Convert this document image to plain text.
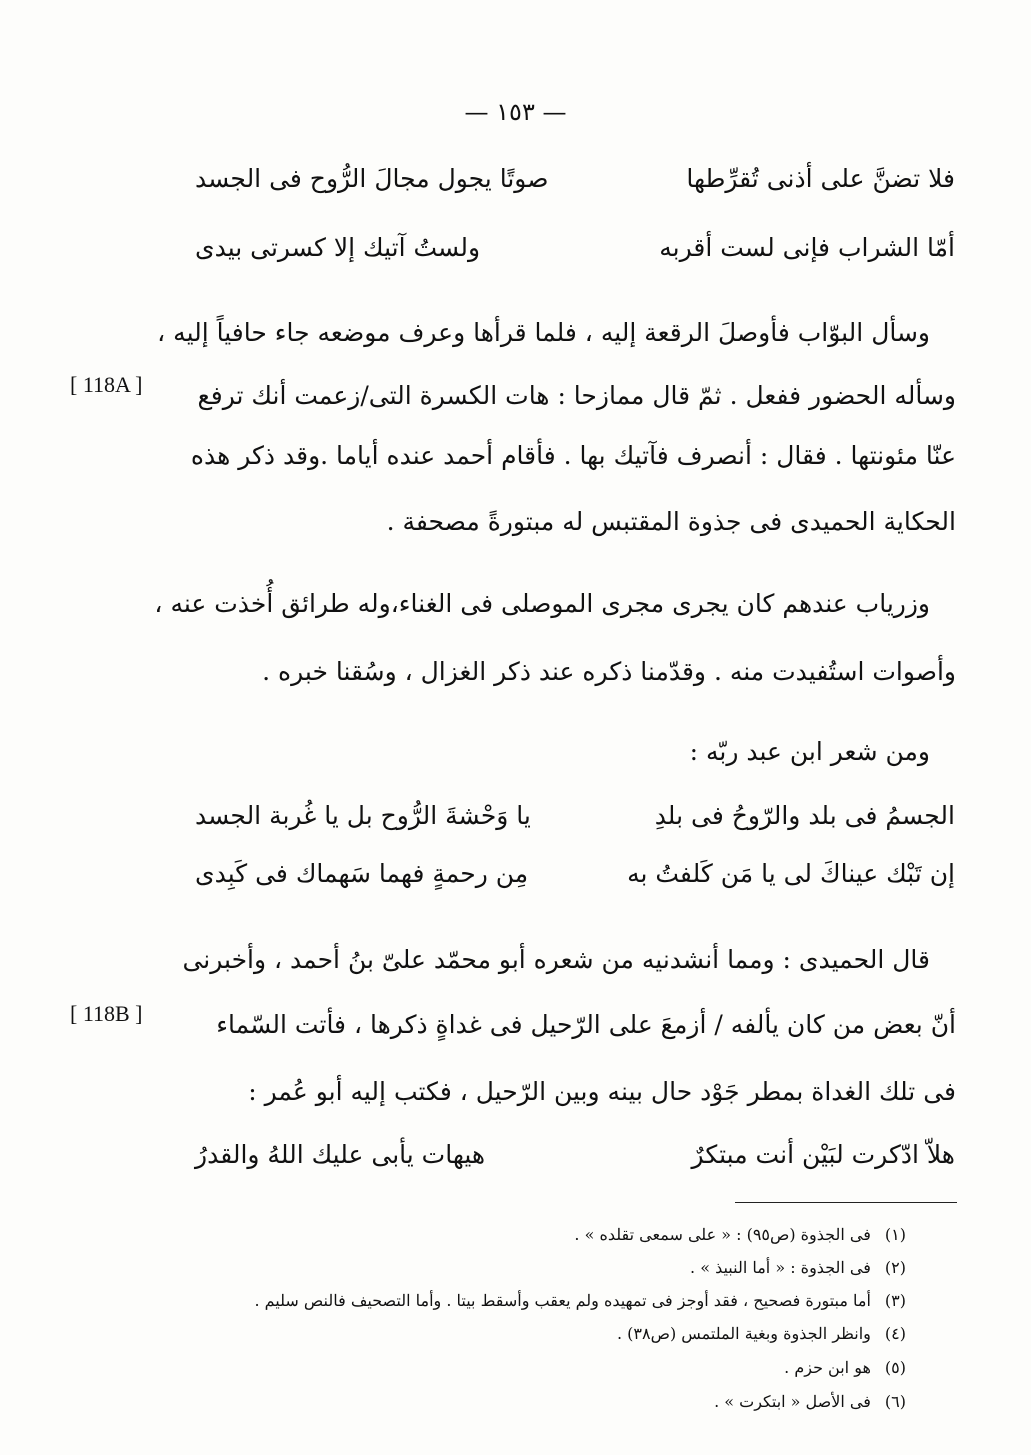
— ١٥٣ —
فلا تضنَّ على أذنى تُقرِّطها
صوتًا يجول مجالَ الرُّوح فى الجسد
أمّا الشراب فإنى لست أقربه
ولستُ آتيك إلا كسرتى بيدى
وسأل البوّاب فأوصلَ الرقعة إليه ، فلما قرأها وعرف موضعه جاء حافياً إليه ،
وسأله الحضور ففعل . ثمّ قال ممازحا : هات الكسرة التى/زعمت أنك ترفع
[ 118A ]
عنّا مئونتها . فقال : أنصرف فآتيك بها . فأقام أحمد عنده أياما .وقد ذكر هذه
الحكاية الحميدى فى جذوة المقتبس له مبتورةً مصحفة .
وزرياب عندهم كان يجرى مجرى الموصلى فى الغناء،وله طرائق أُخذت عنه ،
وأصوات استُفيدت منه . وقدّمنا ذكره عند ذكر الغزال ، وسُقنا خبره .
ومن شعر ابن عبد ربّه :
الجسمُ فى بلد والرّوحُ فى بلدِ
يا وَحْشةَ الرُّوح بل يا غُربة الجسد
إن تَبْك عيناكَ لى يا مَن كَلفتُ به
مِن رحمةٍ فهما سَهماك فى كَبِدى
قال الحميدى : ومما أنشدنيه من شعره أبو محمّد علىّ بنُ أحمد ، وأخبرنى
أنّ بعض من كان يألفه / أزمعَ على الرّحيل فى غداةٍ ذكرها ، فأتت السّماء
[ 118B ]
فى تلك الغداة بمطر جَوْد حال بينه وبين الرّحيل ، فكتب إليه أبو عُمر :
هلاّ ادّكرت لبَيْن أنت مبتكرٌ
هيهات يأبى عليك اللهُ والقدرُ
(١) فى الجذوة (ص٩٥) : « على سمعى تقلده » .
(٢) فى الجذوة : « أما النبيذ » .
(٣) أما مبتورة فصحيح ، فقد أوجز فى تمهيده ولم يعقب وأسقط بيتا . وأما التصحيف فالنص سليم .
(٤) وانظر الجذوة وبغية الملتمس (ص٣٨) .
(٥) هو ابن حزم .
(٦) فى الأصل « ابتكرت » .
